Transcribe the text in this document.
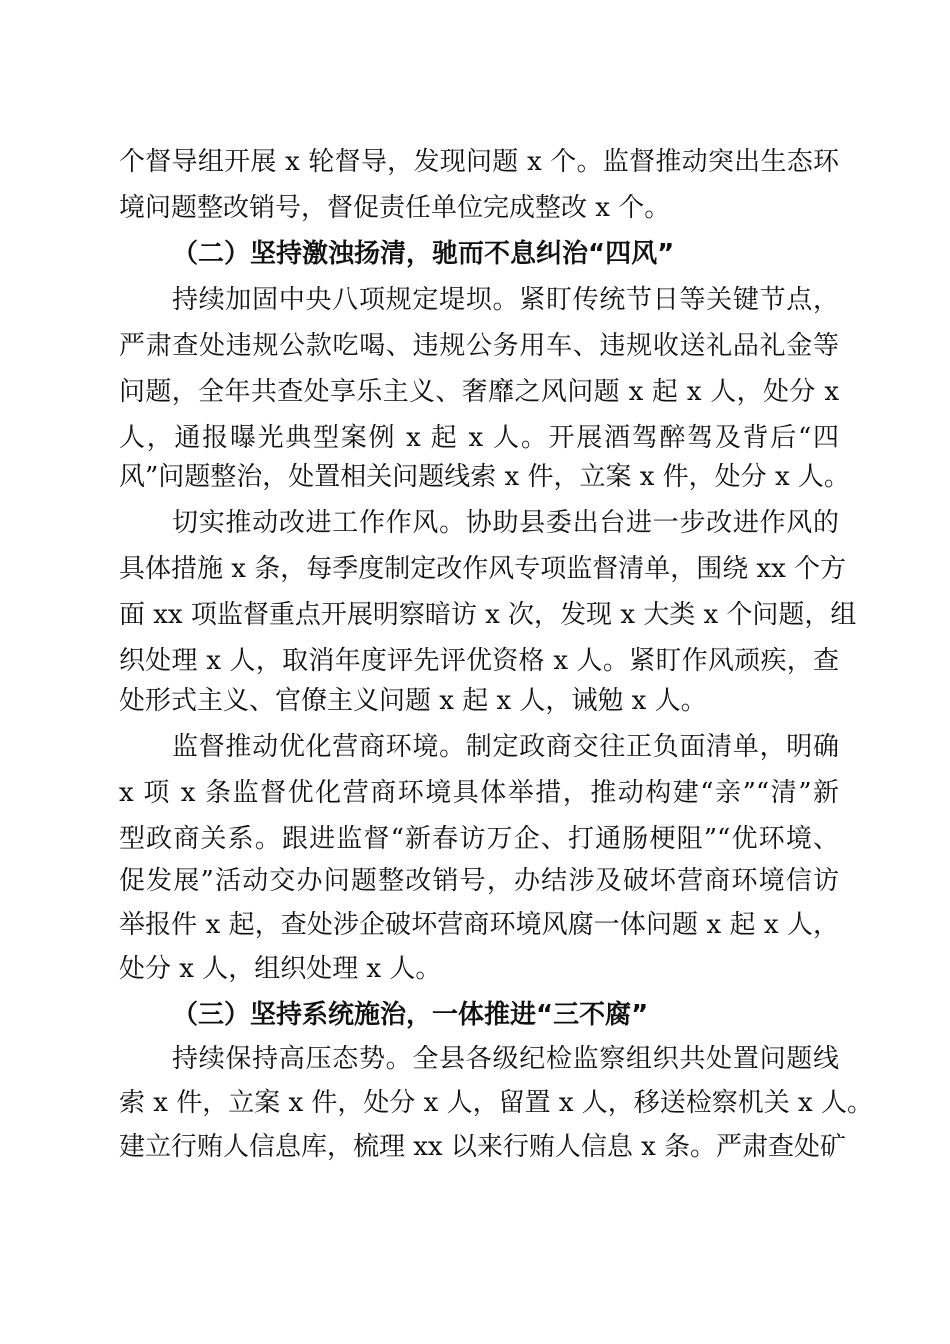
个督导组开展 x 轮督导，发现问题 x 个。监督推动突出生态环
境问题整改销号，督促责任单位完成整改 x 个。
（二）坚持激浊扬清，驰而不息纠治“四风”
持续加固中央八项规定堤坝。紧盯传统节日等关键节点，
严肃查处违规公款吃喝、违规公务用车、违规收送礼品礼金等
问题，全年共查处享乐主义、奢靡之风问题 x 起 x 人，处分 x
人，通报曝光典型案例 x 起 x 人。开展酒驾醉驾及背后“四
风”问题整治，处置相关问题线索 x 件，立案 x 件，处分 x 人。
切实推动改进工作作风。协助县委出台进一步改进作风的
具体措施 x 条，每季度制定改作风专项监督清单，围绕 xx 个方
面 xx 项监督重点开展明察暗访 x 次，发现 x 大类 x 个问题，组
织处理 x 人，取消年度评先评优资格 x 人。紧盯作风顽疾，查
处形式主义、官僚主义问题 x 起 x 人，诫勉 x 人。
监督推动优化营商环境。制定政商交往正负面清单，明确
x 项 x 条监督优化营商环境具体举措，推动构建“亲”“清”新
型政商关系。跟进监督“新春访万企、打通肠梗阻”“优环境、
促发展”活动交办问题整改销号，办结涉及破坏营商环境信访
举报件 x 起，查处涉企破坏营商环境风腐一体问题 x 起 x 人，
处分 x 人，组织处理 x 人。
（三）坚持系统施治，一体推进“三不腐”
持续保持高压态势。全县各级纪检监察组织共处置问题线
索 x 件，立案 x 件，处分 x 人，留置 x 人，移送检察机关 x 人。
建立行贿人信息库，梳理 xx 以来行贿人信息 x 条。严肃查处矿
